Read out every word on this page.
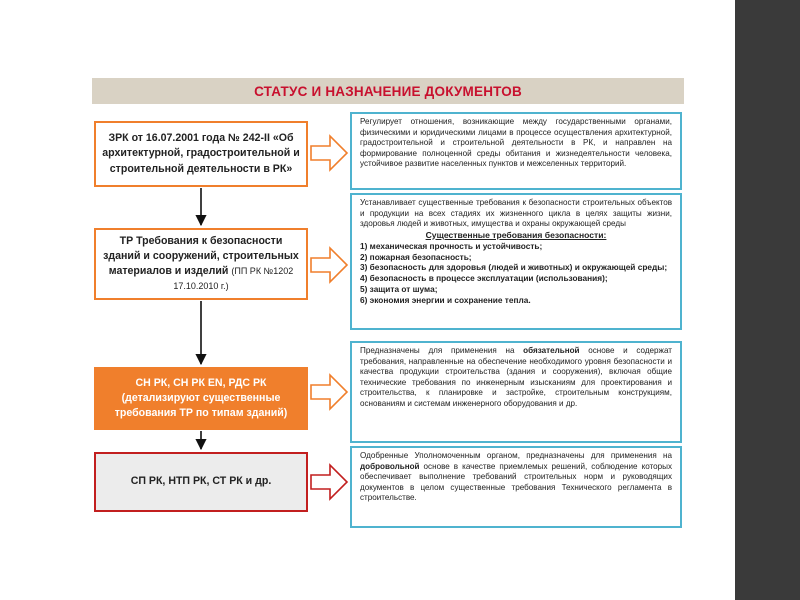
СТАТУС И НАЗНАЧЕНИЕ ДОКУМЕНТОВ
ЗРК от 16.07.2001 года № 242-II «Об архитектурной, градостроительной и строительной деятельности в РК»
ТР Требования к безопасности зданий и сооружений, строительных материалов и изделий (ПП РК №1202 17.10.2010 г.)
СН РК, СН РК EN, РДС РК (детализируют существенные требования ТР по типам зданий)
СП РК, НТП РК, СТ РК и др.
Регулирует отношения, возникающие между государственными органами, физическими и юридическими лицами в процессе осуществления архитектурной, градостроительной и строительной деятельности в РК, и направлен на формирование полноценной среды обитания и жизнедеятельности человека, устойчивое развитие населенных пунктов и межселенных территорий.
Устанавливает существенные требования к безопасности строительных объектов и продукции на всех стадиях их жизненного цикла в целях защиты жизни, здоровья людей и животных, имущества и охраны окружающей среды
Существенные требования безопасности:
1) механическая прочность и устойчивость;
2) пожарная безопасность;
3) безопасность для здоровья (людей и животных) и окружающей среды;
4) безопасность в процессе эксплуатации (использования);
5) защита от шума;
6) экономия энергии и сохранение тепла.
Предназначены для применения на обязательной основе и содержат требования, направленные на обеспечение необходимого уровня безопасности и качества продукции строительства (здания и сооружения), включая общие технические требования по инженерным изысканиям для проектирования и строительства, к планировке и застройке, строительным конструкциям, основаниям и системам инженерного оборудования и др.
Одобренные Уполномоченным органом, предназначены для применения на добровольной основе в качестве приемлемых решений, соблюдение которых обеспечивает выполнение требований строительных норм и руководящих документов в целом существенные требования Технического регламента в строительстве.
